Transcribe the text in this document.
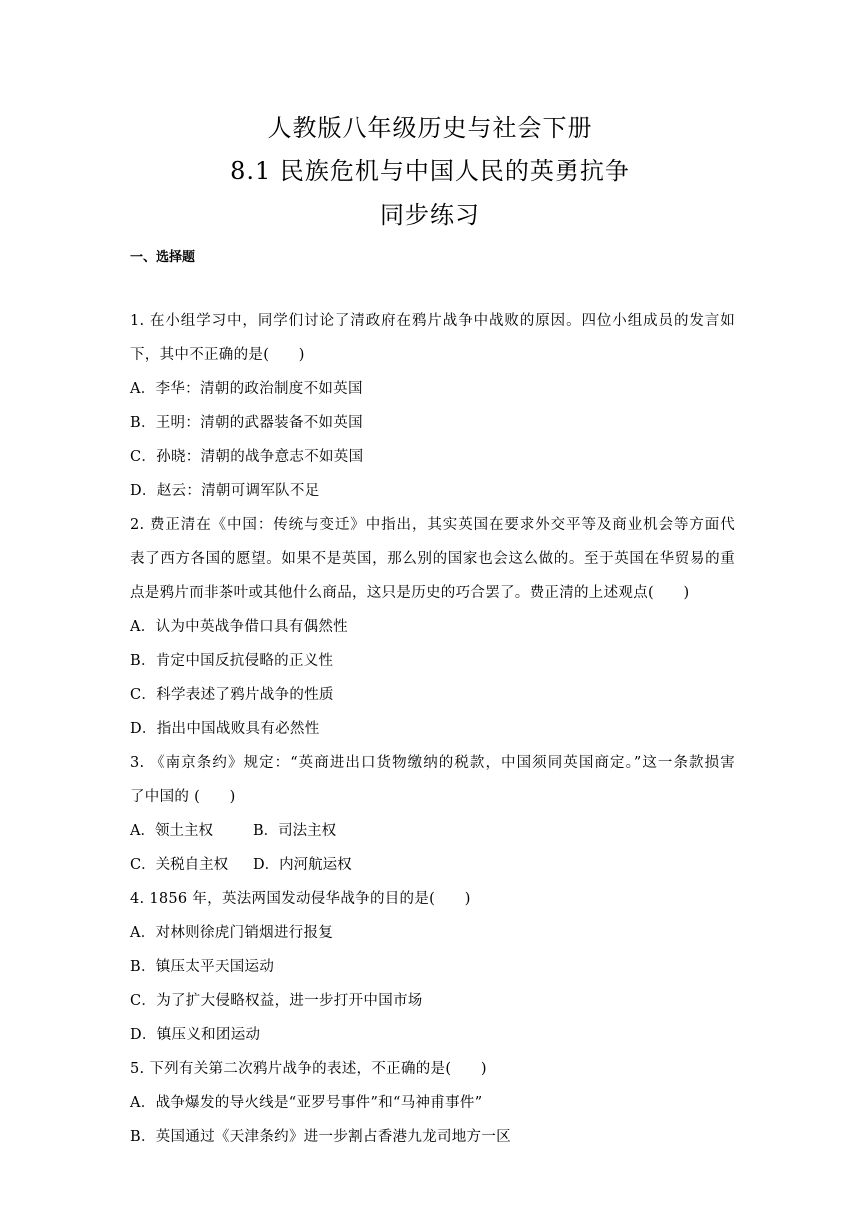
人教版八年级历史与社会下册
8.1 民族危机与中国人民的英勇抗争
同步练习
一、选择题
1. 在小组学习中，同学们讨论了清政府在鸦片战争中战败的原因。四位小组成员的发言如
下，其中不正确的是(　　)
A．李华：清朝的政治制度不如英国
B．王明：清朝的武器装备不如英国
C．孙晓：清朝的战争意志不如英国
D．赵云：清朝可调军队不足
2. 费正清在《中国：传统与变迁》中指出，其实英国在要求外交平等及商业机会等方面代
表了西方各国的愿望。如果不是英国，那么别的国家也会这么做的。至于英国在华贸易的重
点是鸦片而非茶叶或其他什么商品，这只是历史的巧合罢了。费正清的上述观点(　　)
A．认为中英战争借口具有偶然性
B．肯定中国反抗侵略的正义性
C．科学表述了鸦片战争的性质
D．指出中国战败具有必然性
3. 《南京条约》规定：“英商进出口货物缴纳的税款，中国须同英国商定。”这一条款损害
了中国的 (　　)
A．领土主权	B．司法主权
C．关税自主权 D．内河航运权
4. 1856 年，英法两国发动侵华战争的目的是(　　)
A．对林则徐虎门销烟进行报复
B．镇压太平天国运动
C．为了扩大侵略权益，进一步打开中国市场
D．镇压义和团运动
5. 下列有关第二次鸦片战争的表述，不正确的是(　　)
A．战争爆发的导火线是“亚罗号事件”和“马神甫事件”
B．英国通过《天津条约》进一步割占香港九龙司地方一区
